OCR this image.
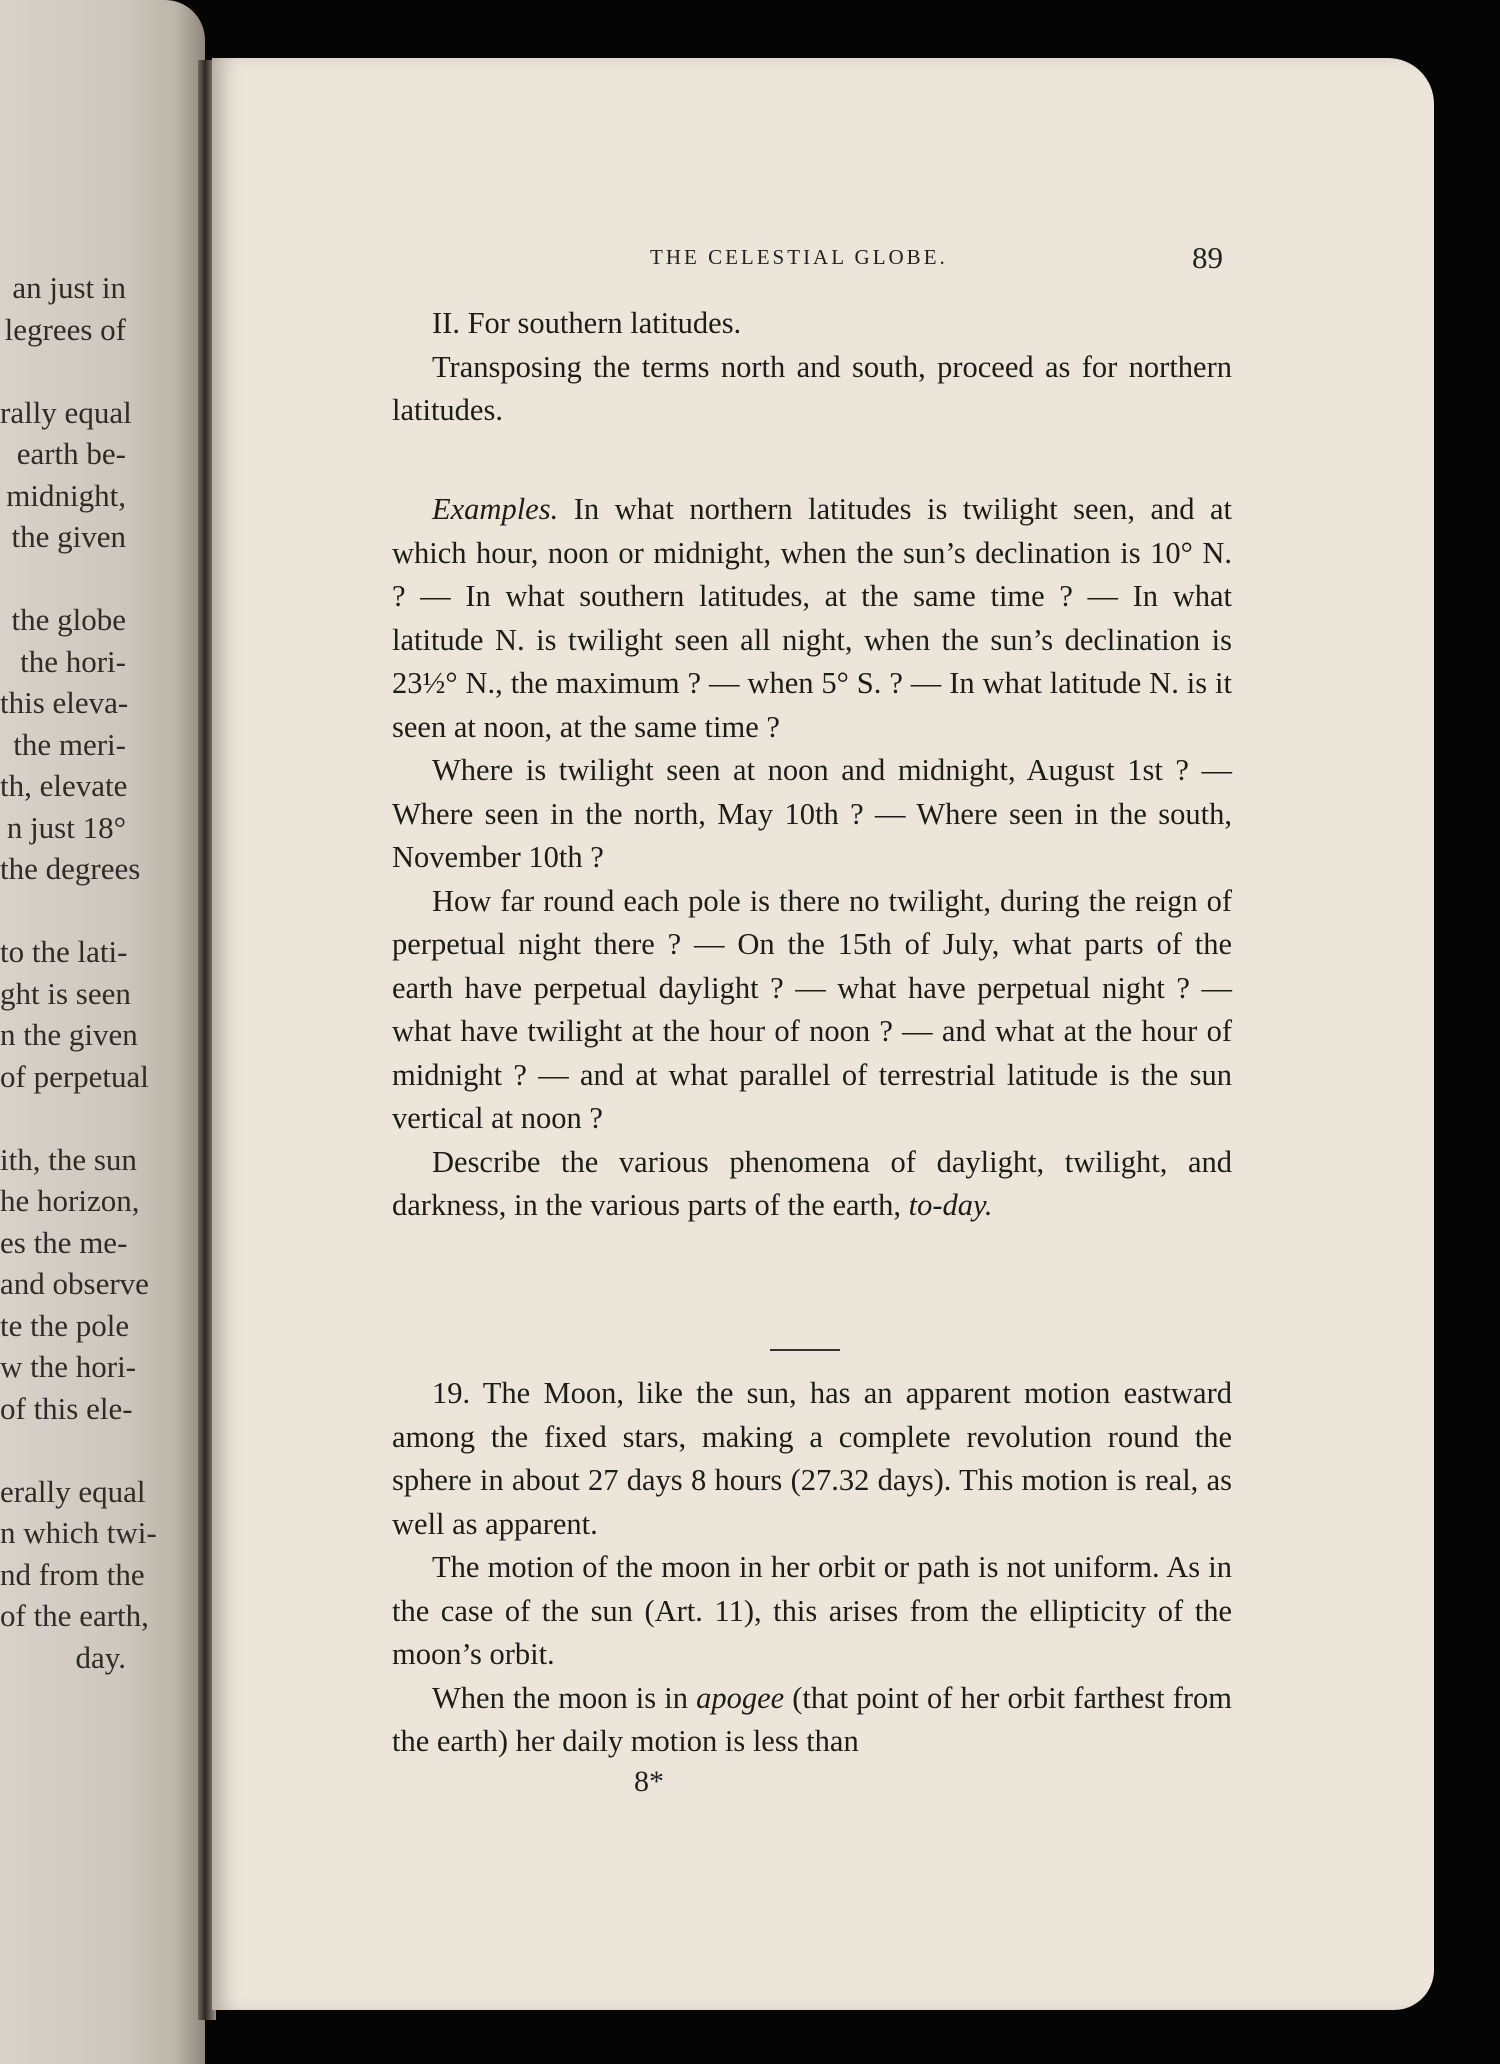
an just in
legrees of
rally equal
earth be-
midnight,
the given
the globe
the hori-
this eleva-
the meri-
th, elevate
n just 18°
the degrees
to the lati-
ght is seen
n the given
of perpetual
ith, the sun
he horizon,
es the me-
and observe
te the pole
w the hori-
of this ele-
erally equal
n which twi-
nd from the
of the earth,
day.
THE CELESTIAL GLOBE.	89

II. For southern latitudes.

Transposing the terms north and south, proceed as for northern latitudes.

Examples. In what northern latitudes is twilight seen, and at which hour, noon or midnight, when the sun’s declination is 10° N. ? — In what southern latitudes, at the same time ? — In what latitude N. is twilight seen all night, when the sun’s declination is 23½° N., the maximum ? — when 5° S. ? — In what latitude N. is it seen at noon, at the same time ?

Where is twilight seen at noon and midnight, August 1st ? — Where seen in the north, May 10th ? — Where seen in the south, November 10th ?

How far round each pole is there no twilight, during the reign of perpetual night there ? — On the 15th of July, what parts of the earth have perpetual daylight ? — what have perpetual night ? — what have twilight at the hour of noon ? — and what at the hour of midnight ? — and at what parallel of terrestrial latitude is the sun vertical at noon ?

Describe the various phenomena of daylight, twilight, and darkness, in the various parts of the earth, to-day.

19. The Moon, like the sun, has an apparent motion eastward among the fixed stars, making a complete revolution round the sphere in about 27 days 8 hours (27.32 days). This motion is real, as well as apparent.

The motion of the moon in her orbit or path is not uniform. As in the case of the sun (Art. 11), this arises from the ellipticity of the moon’s orbit.

When the moon is in apogee (that point of her orbit farthest from the earth) her daily motion is less than

8*
